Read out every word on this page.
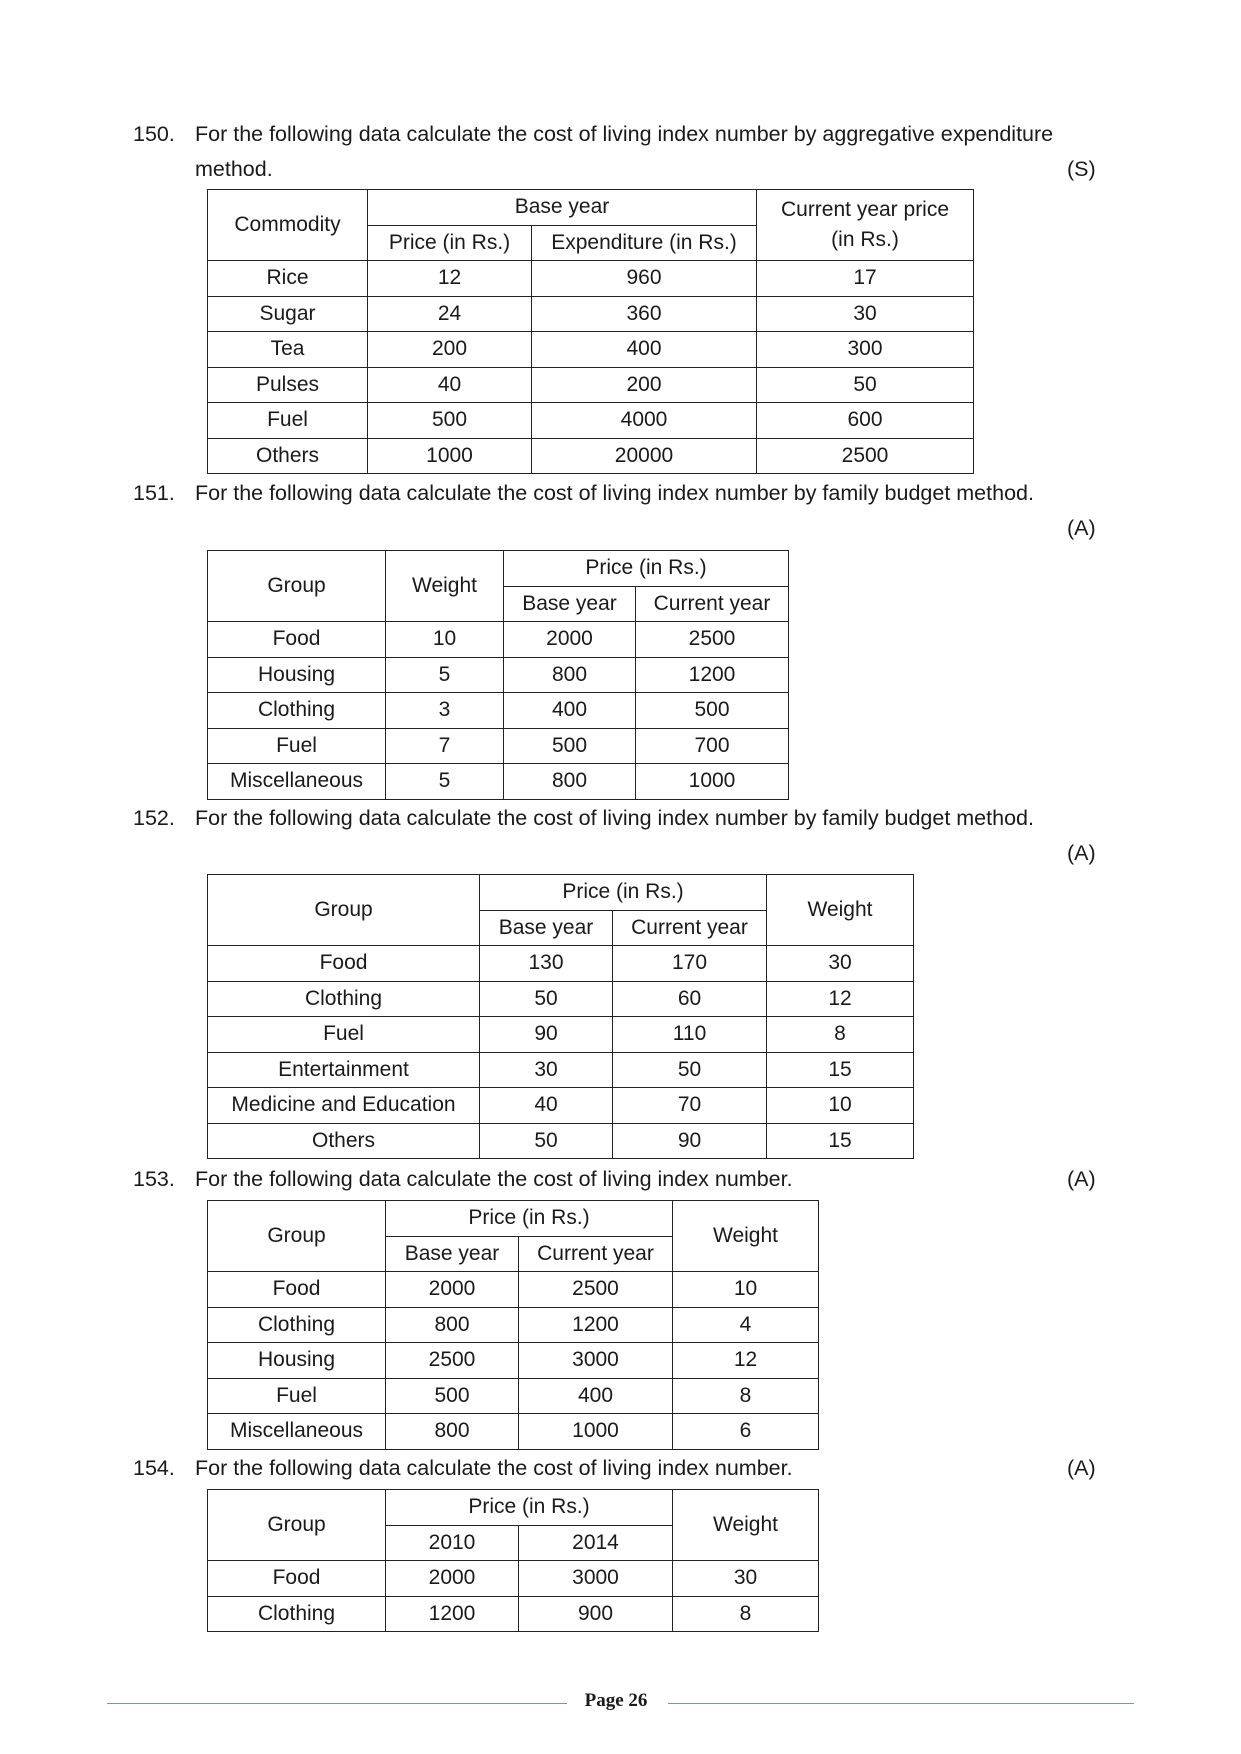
150. For the following data calculate the cost of living index number by aggregative expenditure
method.	(S)
Commodity	Base year		Current year price
(in Rs.)
	Price (in Rs.)	Expenditure (in Rs.)	
Rice	12	960	17
Sugar	24	360	30
Tea	200	400	300
Pulses	40	200	50
Fuel	500	4000	600
Others	1000	20000	2500
151. For the following data calculate the cost of living index number by family budget method.
(A)
Group	Weight	Price (in Rs.)	
		Base year	Current year
Food	10	2000	2500
Housing	5	800	1200
Clothing	3	400	500
Fuel	7	500	700
Miscellaneous	5	800	1000
152. For the following data calculate the cost of living index number by family budget method.
(A)
Group	Price (in Rs.)		Weight
	Base year	Current year	
Food	130	170	30
Clothing	50	60	12
Fuel	90	110	8
Entertainment	30	50	15
Medicine and Education	40	70	10
Others	50	90	15
153. For the following data calculate the cost of living index number.	(A)
Group	Price (in Rs.)		Weight
	Base year	Current year	
Food	2000	2500	10
Clothing	800	1200	4
Housing	2500	3000	12
Fuel	500	400	8
Miscellaneous	800	1000	6
154. For the following data calculate the cost of living index number.	(A)
Group	Price (in Rs.)		Weight
	2010	2014	
Food	2000	3000	30
Clothing	1200	900	8
Page 26
